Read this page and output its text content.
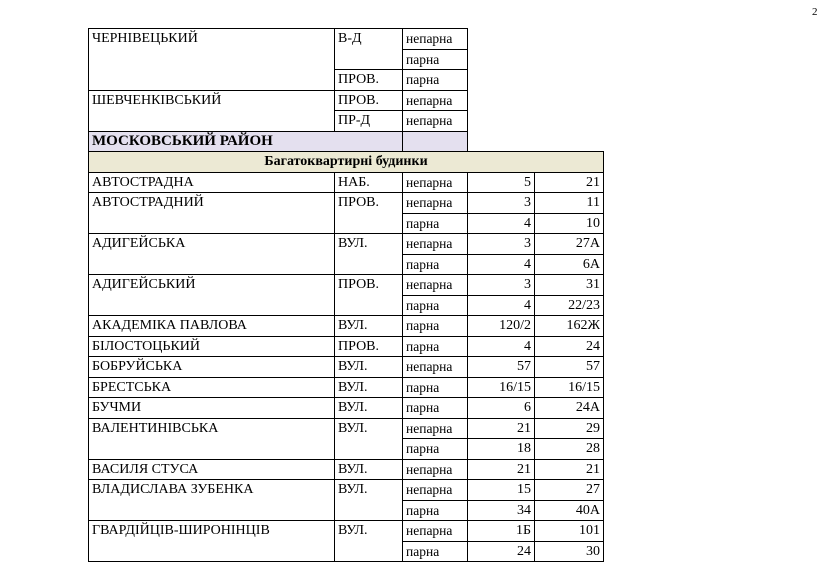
2
ЧЕРНІВЕЦЬКИЙ	В-Д	непарна		
		парна		
	ПРОВ.	парна		
ШЕВЧЕНКІВСЬКИЙ	ПРОВ.	непарна		
	ПР-Д	непарна		
МОСКОВСЬКИЙ РАЙОН				
Багатоквартирні будинки				
АВТОСТРАДНА	НАБ.	непарна	5	21
АВТОСТРАДНИЙ	ПРОВ.	непарна	3	11
		парна	4	10
АДИГЕЙСЬКА	ВУЛ.	непарна	3	27А
		парна	4	6А
АДИГЕЙСЬКИЙ	ПРОВ.	непарна	3	31
		парна	4	22/23
АКАДЕМІКА ПАВЛОВА	ВУЛ.	парна	120/2	162Ж
БІЛОСТОЦЬКИЙ	ПРОВ.	парна	4	24
БОБРУЙСЬКА	ВУЛ.	непарна	57	57
БРЕСТСЬКА	ВУЛ.	парна	16/15	16/15
БУЧМИ	ВУЛ.	парна	6	24А
ВАЛЕНТИНІВСЬКА	ВУЛ.	непарна	21	29
		парна	18	28
ВАСИЛЯ СТУСА	ВУЛ.	непарна	21	21
ВЛАДИСЛАВА ЗУБЕНКА	ВУЛ.	непарна	15	27
		парна	34	40А
ГВАРДІЙЦІВ-ШИРОНІНЦІВ	ВУЛ.	непарна	1Б	101
		парна	24	30
